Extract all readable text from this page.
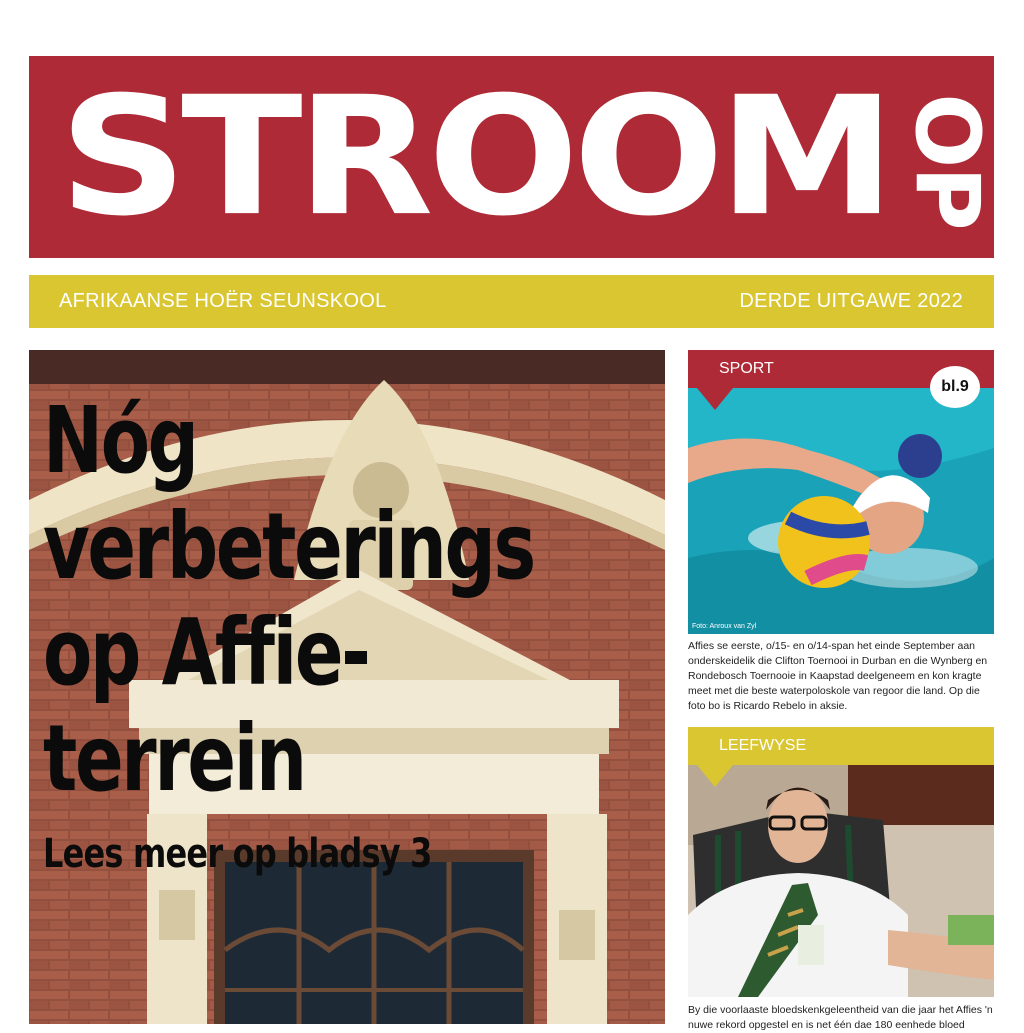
STROOM OP
AFRIKAANSE HOËR SEUNSKOOL	DERDE UITGAWE 2022
Nóg
verbeterings
op Affie-
terrein
Lees meer op bladsy 3
SPORT
Foto: Anroux van Zyl
bl.9
Affies se eerste, o/15- en o/14-span het einde September aan onderskeidelik die Clifton Toernooi in Durban en die Wynberg en Rondebosch Toernooie in Kaapstad deelgeneem en kon kragte meet met die beste waterpoloskole van regoor die land. Op die foto bo is Ricardo Rebelo in aksie.
LEEFWYSE
By die voorlaaste bloedskenkgeleentheid van die jaar het Affies 'n nuwe rekord opgestel en is net één dae 180 eenhede bloed
